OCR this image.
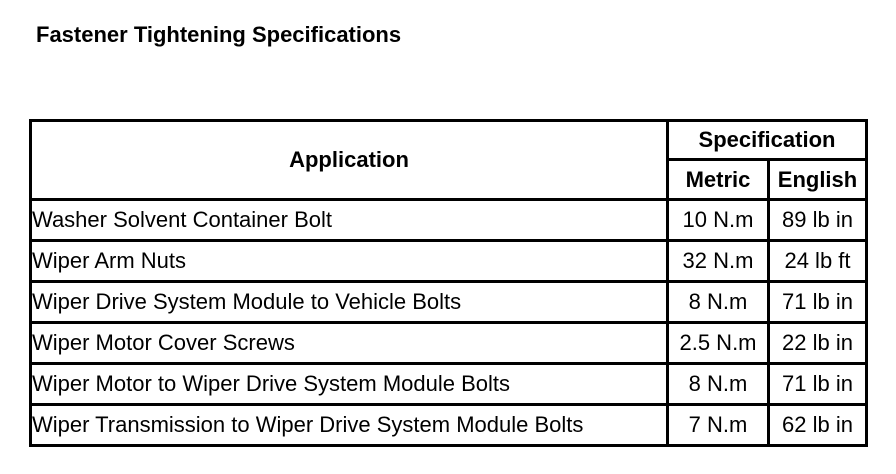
Fastener Tightening Specifications
Application	Specification	
	Metric	English
Washer Solvent Container Bolt	10 N.m	89 lb in
Wiper Arm Nuts	32 N.m	24 lb ft
Wiper Drive System Module to Vehicle Bolts	8 N.m	71 lb in
Wiper Motor Cover Screws	2.5 N.m	22 lb in
Wiper Motor to Wiper Drive System Module Bolts	8 N.m	71 lb in
Wiper Transmission to Wiper Drive System Module Bolts	7 N.m	62 lb in
